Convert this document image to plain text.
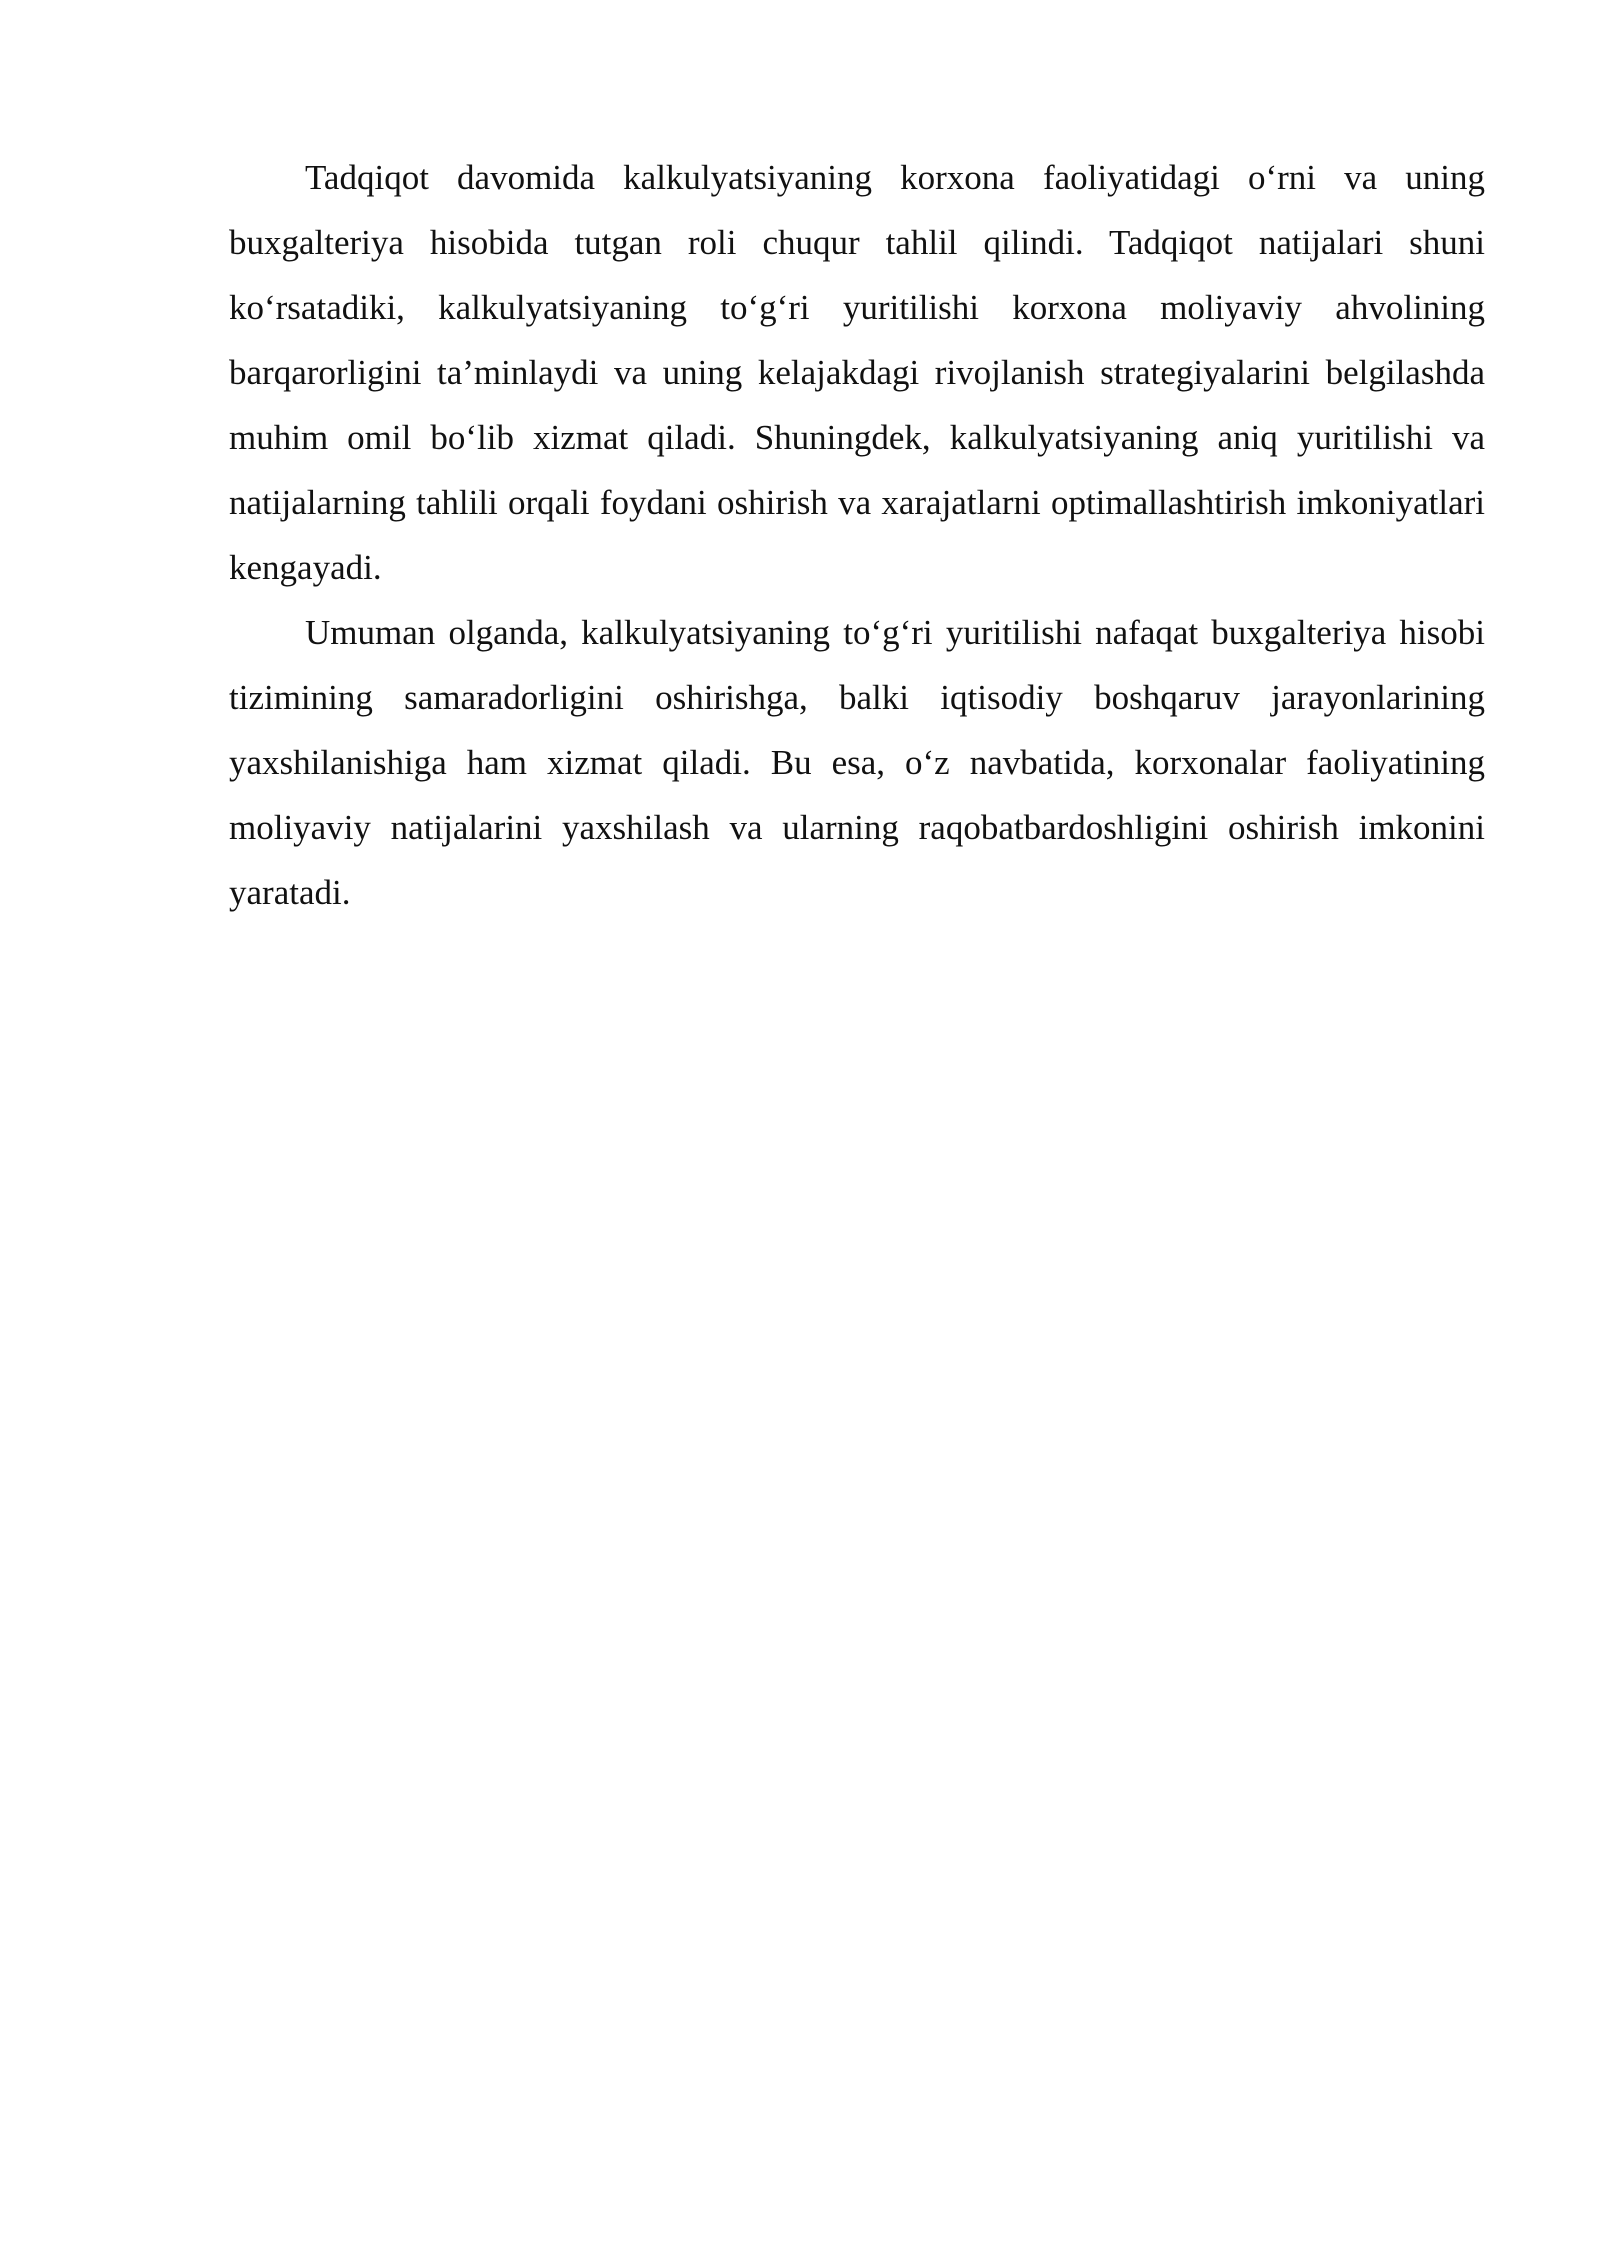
Tadqiqot davomida kalkulyatsiyaning korxona faoliyatidagi o‘rni va uning buxgalteriya hisobida tutgan roli chuqur tahlil qilindi. Tadqiqot natijalari shuni ko‘rsatadiki, kalkulyatsiyaning to‘g‘ri yuritilishi korxona moliyaviy ahvolining barqarorligini ta’minlaydi va uning kelajakdagi rivojlanish strategiyalarini belgilashda muhim omil bo‘lib xizmat qiladi. Shuningdek, kalkulyatsiyaning aniq yuritilishi va natijalarning tahlili orqali foydani oshirish va xarajatlarni optimallashtirish imkoniyatlari kengayadi.

Umuman olganda, kalkulyatsiyaning to‘g‘ri yuritilishi nafaqat buxgalteriya hisobi tizimining samaradorligini oshirishga, balki iqtisodiy boshqaruv jarayonlarining yaxshilanishiga ham xizmat qiladi. Bu esa, o‘z navbatida, korxonalar faoliyatining moliyaviy natijalarini yaxshilash va ularning raqobatbardoshligini oshirish imkonini yaratadi.
